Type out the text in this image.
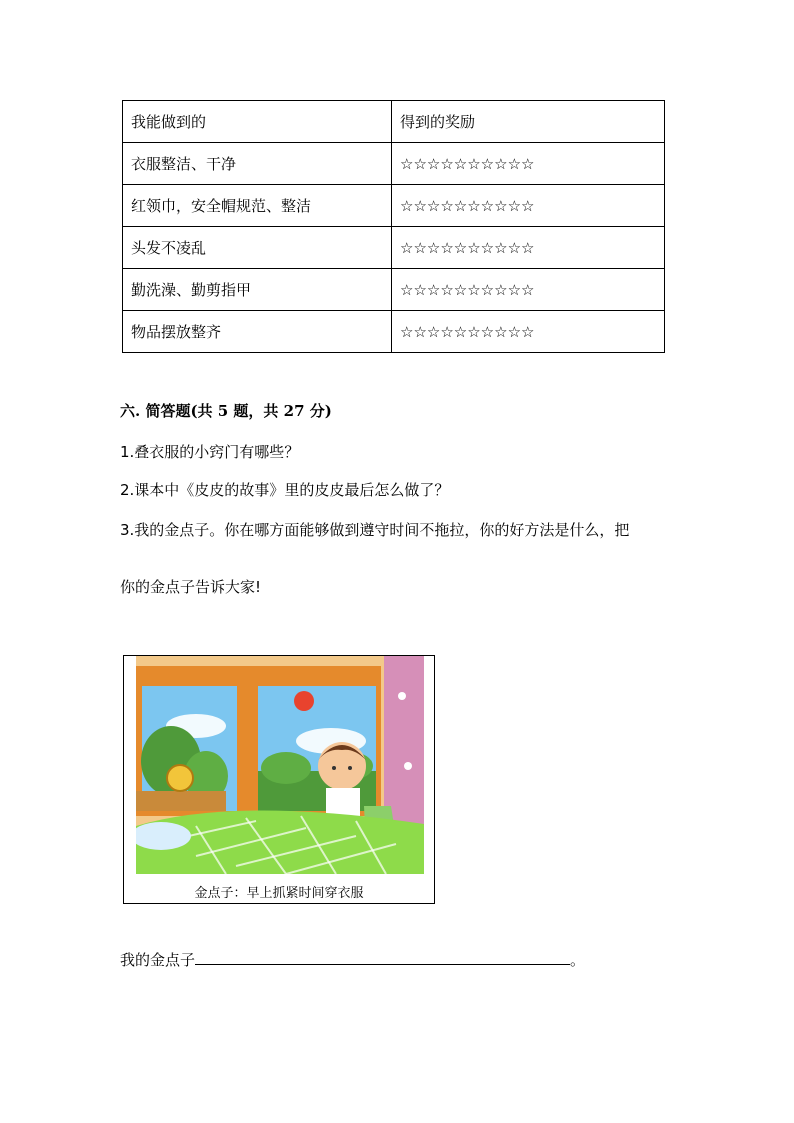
我能做到的	得到的奖励
衣服整洁、干净	☆☆☆☆☆☆☆☆☆☆
红领巾，安全帽规范、整洁	☆☆☆☆☆☆☆☆☆☆
头发不凌乱	☆☆☆☆☆☆☆☆☆☆
勤洗澡、勤剪指甲	☆☆☆☆☆☆☆☆☆☆
物品摆放整齐	☆☆☆☆☆☆☆☆☆☆
六. 简答题(共 5 题，共 27 分)
1.叠衣服的小窍门有哪些？
2.课本中《皮皮的故事》里的皮皮最后怎么做了？
3.我的金点子。你在哪方面能够做到遵守时间不拖拉，你的好方法是什么，把
你的金点子告诉大家!
金点子：早上抓紧时间穿衣服
我的金点子	。
